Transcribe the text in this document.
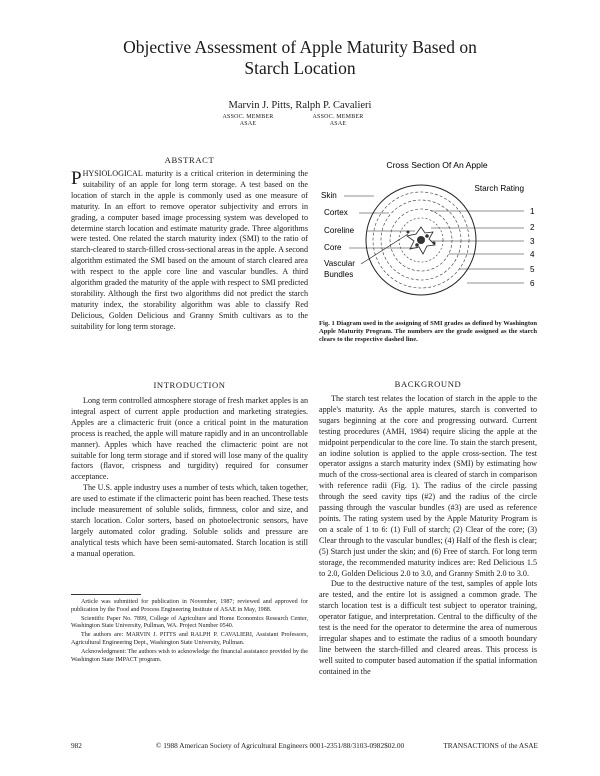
Objective Assessment of Apple Maturity Based on
Starch Location
Marvin J. Pitts, Ralph P. Cavalieri
ASSOC. MEMBER
ASAE
ASSOC. MEMBER
ASAE
ABSTRACT
PHYSIOLOGICAL maturity is a critical criterion in determining the suitability of an apple for long term storage. A test based on the location of starch in the apple is commonly used as one measure of maturity. In an effort to remove operator subjectivity and errors in grading, a computer based image processing system was developed to determine starch location and estimate maturity grade. Three algorithms were tested. One related the starch maturity index (SMI) to the ratio of starch-cleared to starch-filled cross-sectional areas in the apple. A second algorithm estimated the SMI based on the amount of starch cleared area with respect to the apple core line and vascular bundles. A third algorithm graded the maturity of the apple with respect to SMI predicted storability. Although the first two algorithms did not predict the starch maturity index, the storability algorithm was able to classify Red Delicious, Golden Delicious and Granny Smith cultivars as to the suitability for long term storage.
INTRODUCTION

Long term controlled atmosphere storage of fresh market apples is an integral aspect of current apple production and marketing strategies. Apples are a climacteric fruit (once a critical point in the maturation process is reached, the apple will mature rapidly and in an uncontrollable manner). Apples which have reached the climacteric point are not suitable for long term storage and if stored will lose many of the quality factors (flavor, crispness and turgidity) required for consumer acceptance.

The U.S. apple industry uses a number of tests which, taken together, are used to estimate if the climacteric point has been reached. These tests include measurement of soluble solids, firmness, color and size, and starch location. Color sorters, based on photoelectronic sensors, have largely automated color grading. Soluble solids and pressure are analytical tests which have been semi-automated. Starch location is still a manual operation.

Article was submitted for publication in November, 1987; reviewed and approved for publication by the Food and Process Engineering Institute of ASAE in May, 1988.

Scientific Paper No. 7899, College of Agriculture and Home Economics Research Center, Washington State University, Pullman, WA. Project Number 0540.

The authors are: MARVIN J. PITTS and RALPH P. CAVALIERI, Assistant Professors, Agricultural Engineering Dept., Washington State University, Pullman.

Acknowledgment: The authors wish to acknowledge the financial assistance provided by the Washington State IMPACT program.

Cross Section Of An Apple
Starch Rating
Skin
Cortex
Coreline
Core
Vascular
Bundles
1
2
3
4
5
6
Fig. 1 Diagram used in the assigning of SMI grades as defined by Washington Apple Maturity Program. The numbers are the grade assigned as the starch clears to the respective dashed line.
BACKGROUND

The starch test relates the location of starch in the apple to the apple's maturity. As the apple matures, starch is converted to sugars beginning at the core and progressing outward. Current testing procedures (AMH, 1984) require slicing the apple at the midpoint perpendicular to the core line. To stain the starch present, an iodine solution is applied to the apple cross-section. The test operator assigns a starch maturity index (SMI) by estimating how much of the cross-sectional area is cleared of starch in comparison with reference radii (Fig. 1). The radius of the circle passing through the seed cavity tips (#2) and the radius of the circle passing through the vascular bundles (#3) are used as reference points. The rating system used by the Apple Maturity Program is on a scale of 1 to 6: (1) Full of starch; (2) Clear of the core; (3) Clear through to the vascular bundles; (4) Half of the flesh is clear; (5) Starch just under the skin; and (6) Free of starch. For long term storage, the recommended maturity indices are: Red Delicious 1.5 to 2.0, Golden Delicious 2.0 to 3.0, and Granny Smith 2.0 to 3.0.

Due to the destructive nature of the test, samples of apple lots are tested, and the entire lot is assigned a common grade. The starch location test is a difficult test subject to operator training, operator fatigue, and interpretation. Central to the difficulty of the test is the need for the operator to determine the area of numerous irregular shapes and to estimate the radius of a smooth boundary line between the starch-filled and cleared areas. This process is well suited to computer based automation if the spatial information contained in the

982	© 1988 American Society of Agricultural Engineers 0001-2351/88/3103-0982$02.00	TRANSACTIONS of the ASAE
